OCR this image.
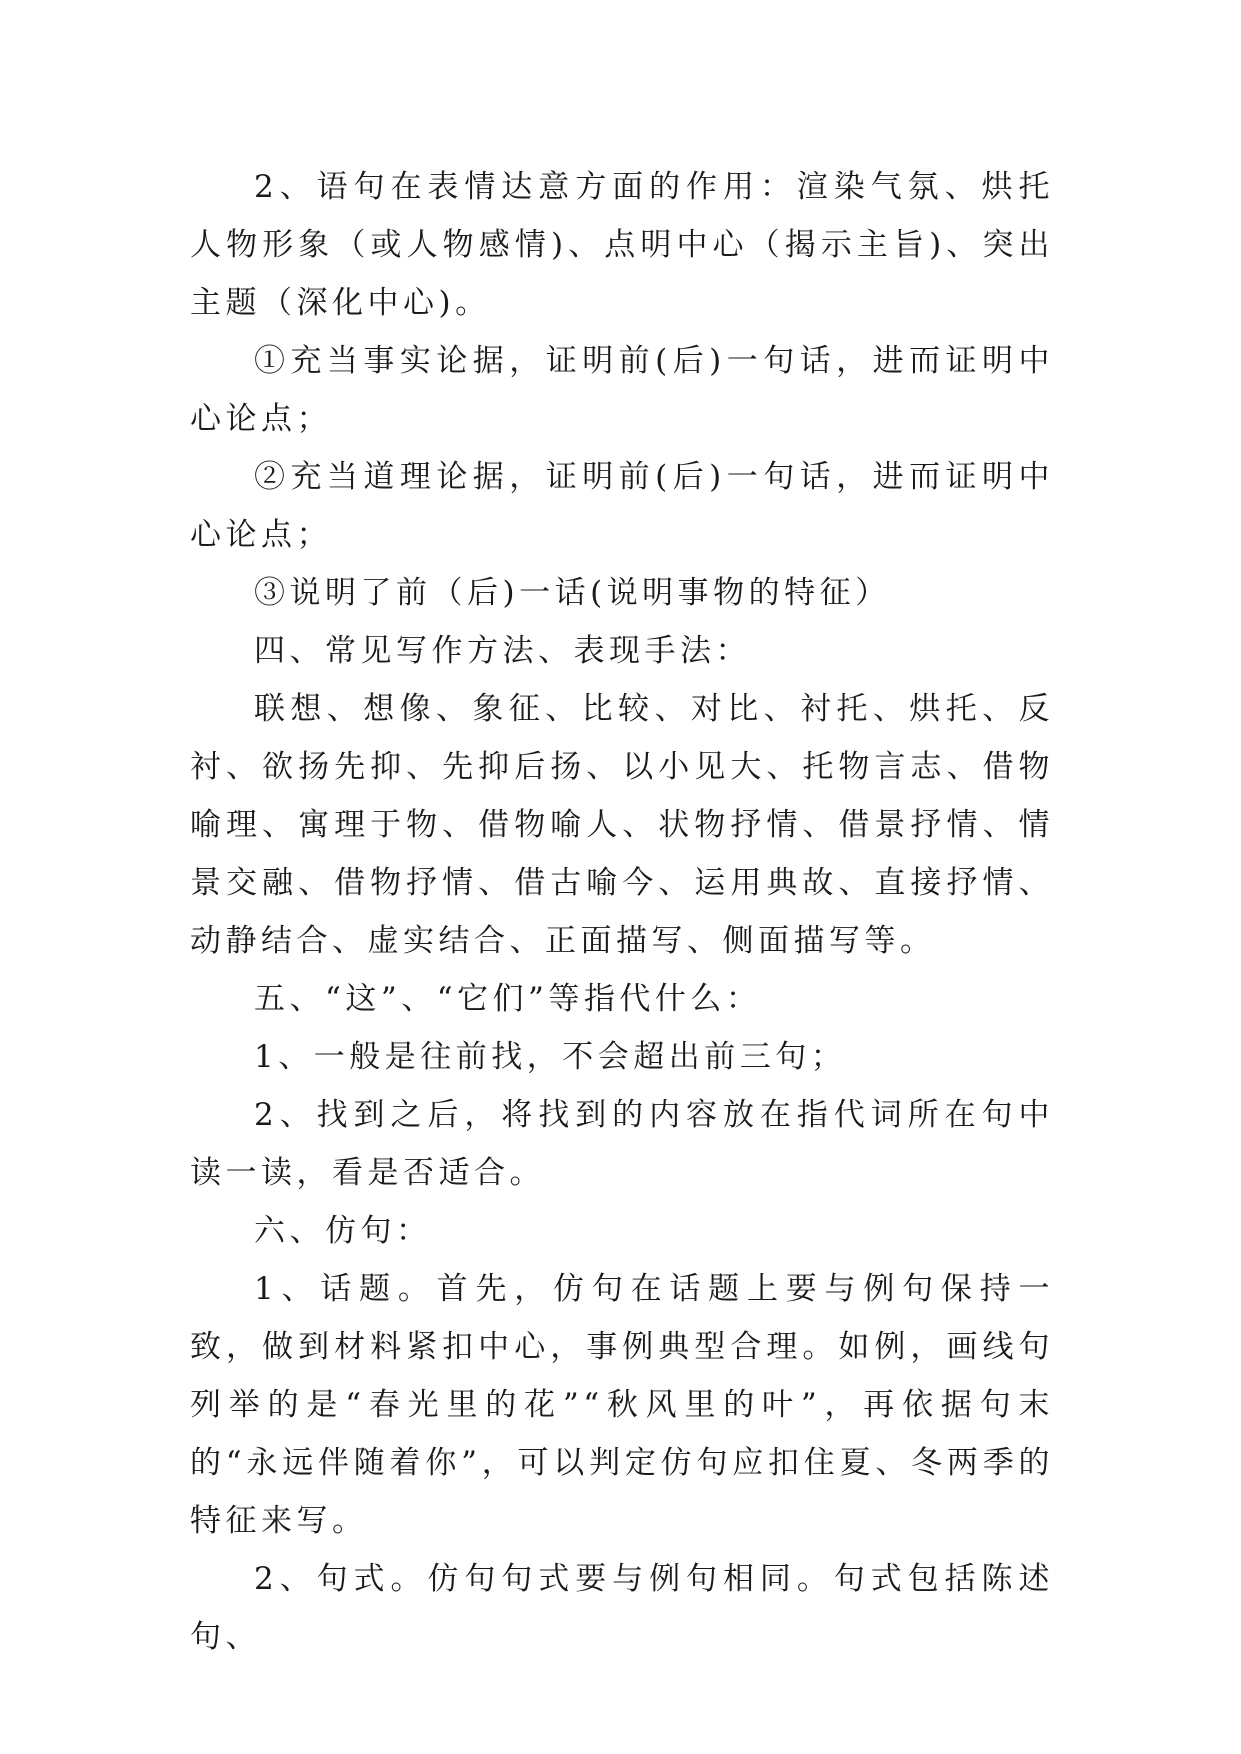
2、语句在表情达意方面的作用：渲染气氛、烘托人物形象（或人物感情)、点明中心（揭示主旨)、突出主题（深化中心)。

①充当事实论据，证明前(后)一句话，进而证明中心论点；

②充当道理论据，证明前(后)一句话，进而证明中心论点；

③说明了前（后)一话(说明事物的特征）

四、常见写作方法、表现手法：

联想、想像、象征、比较、对比、衬托、烘托、反衬、欲扬先抑、先抑后扬、以小见大、托物言志、借物喻理、寓理于物、借物喻人、状物抒情、借景抒情、情景交融、借物抒情、借古喻今、运用典故、直接抒情、动静结合、虚实结合、正面描写、侧面描写等。

五、“这”、“它们”等指代什么：

1、一般是往前找，不会超出前三句；

2、找到之后，将找到的内容放在指代词所在句中读一读，看是否适合。

六、仿句：

1、话题。首先，仿句在话题上要与例句保持一致，做到材料紧扣中心，事例典型合理。如例，画线句列举的是“春光里的花”“秋风里的叶”，再依据句末的“永远伴随着你”，可以判定仿句应扣住夏、冬两季的特征来写。

2、句式。仿句句式要与例句相同。句式包括陈述句、
